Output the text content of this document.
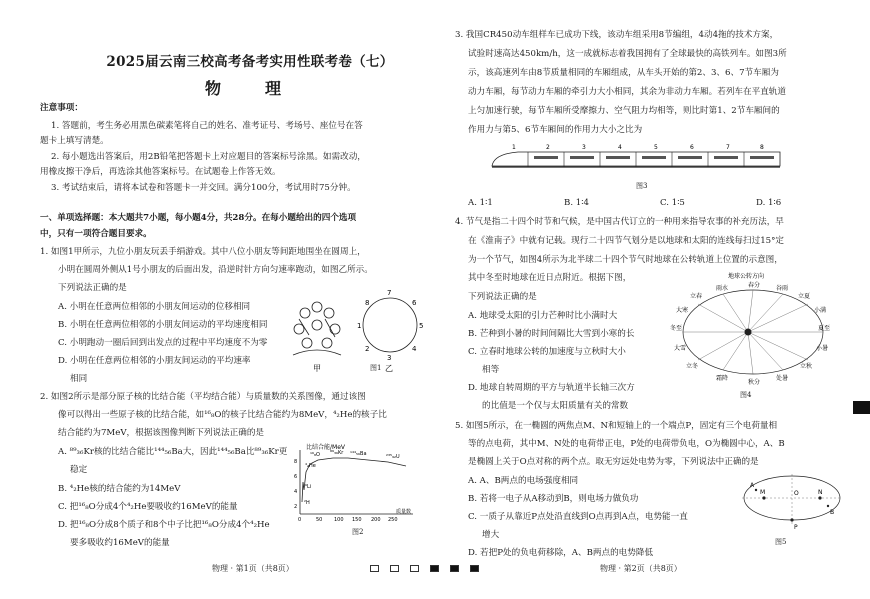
2025届云南三校高考备考实用性联考卷（七）
物　理
注意事项：
1. 答题前，考生务必用黑色碳素笔将自己的姓名、准考证号、考场号、座位号在答
题卡上填写清楚。
2. 每小题选出答案后，用2B铅笔把答题卡上对应题目的答案标号涂黑。如需改动，
用橡皮擦干净后，再选涂其他答案标号。在试题卷上作答无效。
3. 考试结束后，请将本试卷和答题卡一并交回。满分100分，考试用时75分钟。
一、单项选择题：本大题共7小题，每小题4分，共28分。在每小题给出的四个选项
中，只有一项符合题目要求。
1. 如图1甲所示，九位小朋友玩丢手绢游戏。其中八位小朋友等间距地围坐在圆周上，
小明在圆周外侧从1号小朋友的后面出发，沿逆时针方向匀速率跑动，如图乙所示。
下列说法正确的是
A. 小明在任意两位相邻的小朋友间运动的位移相同
B. 小明在任意两位相邻的小朋友间运动的平均速度相同
C. 小明跑动一圈后回到出发点的过程中平均速度不为零
D. 小明在任意两位相邻的小朋友间运动的平均速率
相同
甲	乙
7
8	6
1	5
2	4
3
图1
2. 如图2所示是部分原子核的比结合能（平均结合能）与质量数的关系图像，通过该图
像可以得出一些原子核的比结合能，如¹⁶₈O的核子比结合能约为8MeV，⁴₂He的核子比
结合能约为7MeV，根据该图像判断下列说法正确的是
A. ⁸⁹₃₆Kr核的比结合能比¹⁴⁴₅₆Ba大，因此¹⁴⁴₅₆Ba比⁸⁹₃₆Kr更
稳定
B. ⁴₂He核的结合能约为14MeV
C. 把¹⁶₈O分成4个⁴₂He要吸收约16MeV的能量
D. 把¹⁶₈O分成8个质子和8个中子比把¹⁶₈O分成4个⁴₂He
要多吸收约16MeV的能量
比结合能/MeV
2
4
6
8
0	50 100 150 200 250
质量数
¹⁶₈O
⁴₂He
⁸⁹₃₆Kr ¹⁴⁴₅₆Ba	²³⁵₉₂U
⁶Li
²H
图2
物理 · 第1页（共8页）
3. 我国CR450动车组样车已成功下线，该动车组采用8节编组，4动4拖的技术方案，
试验时速高达450km/h，这一成就标志着我国拥有了全球最快的高铁列车。如图3所
示，该高速列车由8节质量相同的车厢组成，从车头开始的第2、3、6、7节车厢为
动力车厢，每节动力车厢的牵引力大小相同，其余为非动力车厢。若列车在平直轨道
上匀加速行驶，每节车厢所受摩擦力、空气阻力均相等，则比时第1、2节车厢间的
作用力与第5、6节车厢间的作用力大小之比为
1	2	3	4	5	6	7	8
图3
A. 1∶1	B. 1∶4	C. 1∶5	D. 1∶6
4. 节气是指二十四个时节和气候，是中国古代订立的一种用来指导农事的补充历法，早
在《淮南子》中就有记载。现行二十四节气划分是以地球和太阳的连线每扫过15°定
为一个节气，如图4所示为北半球二十四个节气时地球在公转轨道上位置的示意图，
其中冬至时地球在近日点附近。根据下图，
下列说法正确的是
A. 地球受太阳的引力芒种时比小满时大
B. 芒种到小暑的时间间隔比大雪到小寒的长
C. 立春时地球公转的加速度与立秋时大小
相等
D. 地球自转周期的平方与轨道半长轴三次方
的比值是一个仅与太阳质量有关的常数
地球公转方向
冬至	夏至
春分
秋分
立春	立夏
立冬	立秋
雨水	谷雨
大寒	小满
大雪	小暑
霜降	处暑
图4
5. 如图5所示，在一椭圆的两焦点M、N和短轴上的一个端点P，固定有三个电荷量相
等的点电荷，其中M、N处的电荷带正电，P处的电荷带负电，O为椭圆中心，A、B
是椭圆上关于O点对称的两个点。取无穷远处电势为零，下列说法中正确的是
A. A、B两点的电场强度相同
B. 若将一电子从A移动到B，则电场力做负功
C. 一质子从靠近P点处沿直线到O点再到A点，电势能一直
增大
D. 若把P处的负电荷移除，A、B两点的电势降低
A
B
M	N
O
P
图5
物理 · 第2页（共8页）
